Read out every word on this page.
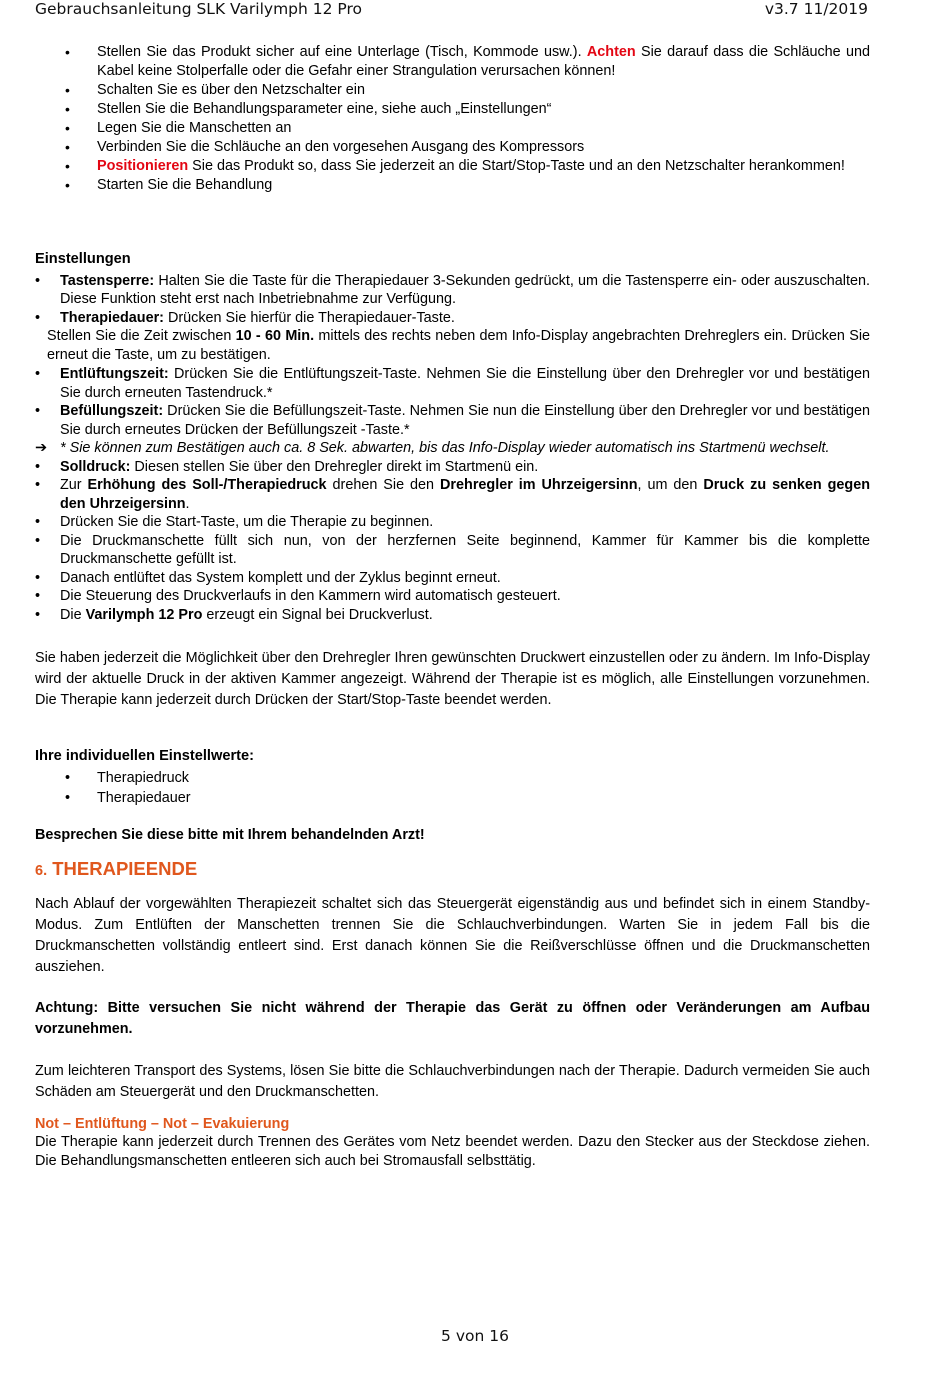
Gebrauchsanleitung SLK Varilymph 12 Pro	v3.7 11/2019
• Stellen Sie das Produkt sicher auf eine Unterlage (Tisch, Kommode usw.). Achten Sie darauf dass die Schläuche und Kabel keine Stolperfalle oder die Gefahr einer Strangulation verursachen können!
• Schalten Sie es über den Netzschalter ein
• Stellen Sie die Behandlungsparameter eine, siehe auch „Einstellungen“
• Legen Sie die Manschetten an
• Verbinden Sie die Schläuche an den vorgesehen Ausgang des Kompressors
• Positionieren Sie das Produkt so, dass Sie jederzeit an die Start/Stop-Taste und an den Netzschalter herankommen!
• Starten Sie die Behandlung
Einstellungen
• Tastensperre: Halten Sie die Taste für die Therapiedauer 3-Sekunden gedrückt, um die Tastensperre ein- oder auszuschalten. Diese Funktion steht erst nach Inbetriebnahme zur Verfügung.
• Therapiedauer: Drücken Sie hierfür die Therapiedauer-Taste.
Stellen Sie die Zeit zwischen 10 - 60 Min. mittels des rechts neben dem Info-Display angebrachten Drehreglers ein. Drücken Sie erneut die Taste, um zu bestätigen.
• Entlüftungszeit: Drücken Sie die Entlüftungszeit-Taste. Nehmen Sie die Einstellung über den Drehregler vor und bestätigen Sie durch erneuten Tastendruck.*
• Befüllungszeit: Drücken Sie die Befüllungszeit-Taste. Nehmen Sie nun die Einstellung über den Drehregler vor und bestätigen Sie durch erneutes Drücken der Befüllungszeit -Taste.*
➔ * Sie können zum Bestätigen auch ca. 8 Sek. abwarten, bis das Info-Display wieder automatisch ins Startmenü wechselt.
• Solldruck: Diesen stellen Sie über den Drehregler direkt im Startmenü ein.
• Zur Erhöhung des Soll-/Therapiedruck drehen Sie den Drehregler im Uhrzeigersinn, um den Druck zu senken gegen den Uhrzeigersinn.
• Drücken Sie die Start-Taste, um die Therapie zu beginnen.
• Die Druckmanschette füllt sich nun, von der herzfernen Seite beginnend, Kammer für Kammer bis die komplette Druckmanschette gefüllt ist.
• Danach entlüftet das System komplett und der Zyklus beginnt erneut.
• Die Steuerung des Druckverlaufs in den Kammern wird automatisch gesteuert.
• Die Varilymph 12 Pro erzeugt ein Signal bei Druckverlust.
Sie haben jederzeit die Möglichkeit über den Drehregler Ihren gewünschten Druckwert einzustellen oder zu ändern. Im Info-Display wird der aktuelle Druck in der aktiven Kammer angezeigt. Während der Therapie ist es möglich, alle Einstellungen vorzunehmen. Die Therapie kann jederzeit durch Drücken der Start/Stop-Taste beendet werden.
Ihre individuellen Einstellwerte:
• Therapiedruck
• Therapiedauer
Besprechen Sie diese bitte mit Ihrem behandelnden Arzt!
6. THERAPIEENDE
Nach Ablauf der vorgewählten Therapiezeit schaltet sich das Steuergerät eigenständig aus und befindet sich in einem Standby-Modus. Zum Entlüften der Manschetten trennen Sie die Schlauchverbindungen. Warten Sie in jedem Fall bis die Druckmanschetten vollständig entleert sind. Erst danach können Sie die Reißverschlüsse öffnen und die Druckmanschetten ausziehen.
Achtung: Bitte versuchen Sie nicht während der Therapie das Gerät zu öffnen oder Veränderungen am Aufbau vorzunehmen.
Zum leichteren Transport des Systems, lösen Sie bitte die Schlauchverbindungen nach der Therapie. Dadurch vermeiden Sie auch Schäden am Steuergerät und den Druckmanschetten.
Not – Entlüftung – Not – Evakuierung
Die Therapie kann jederzeit durch Trennen des Gerätes vom Netz beendet werden. Dazu den Stecker aus der Steckdose ziehen. Die Behandlungsmanschetten entleeren sich auch bei Stromausfall selbsttätig.
5 von 16
